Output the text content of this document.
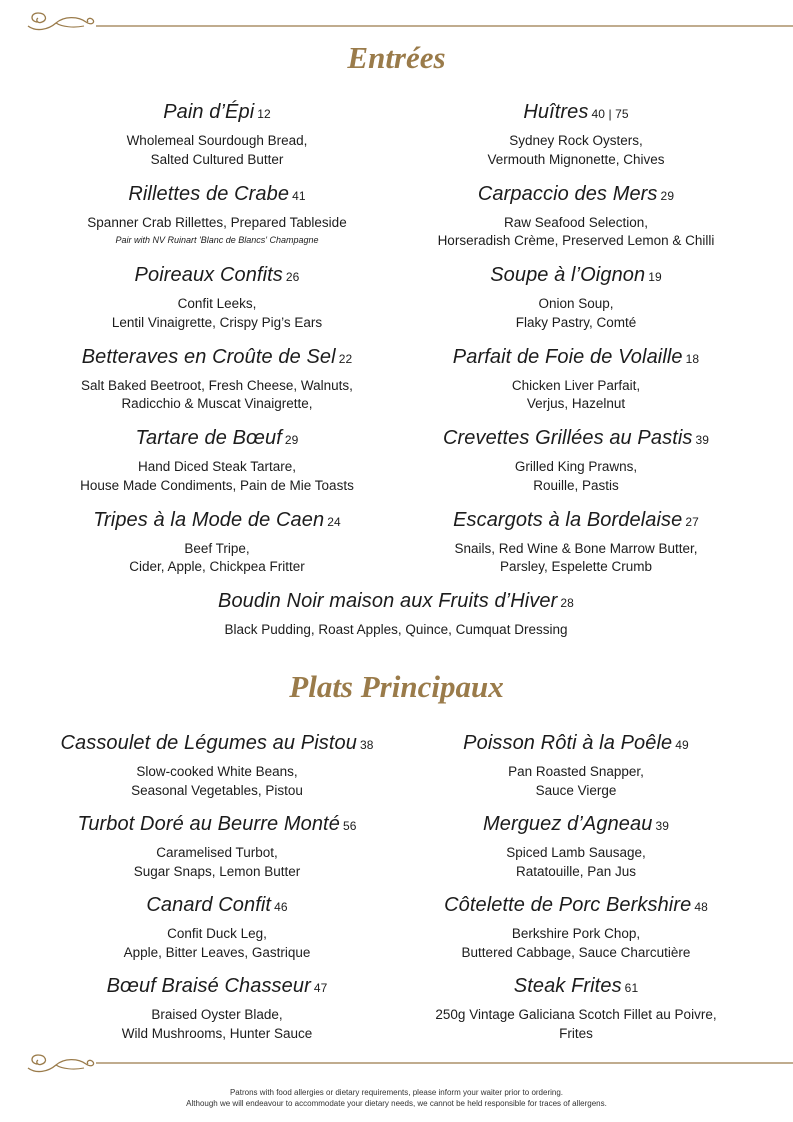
Entrées
Pain d’Épi 12
Wholemeal Sourdough Bread,
Salted Cultured Butter
Rillettes de Crabe 41
Spanner Crab Rillettes, Prepared Tableside
Pair with NV Ruinart 'Blanc de Blancs' Champagne
Poireaux Confits 26
Confit Leeks,
Lentil Vinaigrette, Crispy Pig’s Ears
Betteraves en Croûte de Sel 22
Salt Baked Beetroot, Fresh Cheese, Walnuts,
Radicchio & Muscat Vinaigrette,
Tartare de Bœuf 29
Hand Diced Steak Tartare,
House Made Condiments, Pain de Mie Toasts
Tripes à la Mode de Caen 24
Beef Tripe,
Cider, Apple, Chickpea Fritter
Huîtres 40 | 75
Sydney Rock Oysters,
Vermouth Mignonette, Chives
Carpaccio des Mers 29
Raw Seafood Selection,
Horseradish Crème, Preserved Lemon & Chilli
Soupe à l’Oignon 19
Onion Soup,
Flaky Pastry, Comté
Parfait de Foie de Volaille 18
Chicken Liver Parfait,
Verjus, Hazelnut
Crevettes Grillées au Pastis 39
Grilled King Prawns,
Rouille, Pastis
Escargots à la Bordelaise 27
Snails, Red Wine & Bone Marrow Butter,
Parsley, Espelette Crumb
Boudin Noir maison aux Fruits d’Hiver 28
Black Pudding, Roast Apples, Quince, Cumquat Dressing
Plats Principaux
Cassoulet de Légumes au Pistou 38
Slow-cooked White Beans,
Seasonal Vegetables, Pistou
Turbot Doré au Beurre Monté 56
Caramelised Turbot,
Sugar Snaps, Lemon Butter
Canard Confit 46
Confit Duck Leg,
Apple, Bitter Leaves, Gastrique
Bœuf Braisé Chasseur 47
Braised Oyster Blade,
Wild Mushrooms, Hunter Sauce
Poisson Rôti à la Poêle 49
Pan Roasted Snapper,
Sauce Vierge
Merguez d’Agneau 39
Spiced Lamb Sausage,
Ratatouille, Pan Jus
Côtelette de Porc Berkshire 48
Berkshire Pork Chop,
Buttered Cabbage, Sauce Charcutière
Steak Frites 61
250g Vintage Galiciana Scotch Fillet au Poivre,
Frites
Patrons with food allergies or dietary requirements, please inform your waiter prior to ordering.
Although we will endeavour to accommodate your dietary needs, we cannot be held responsible for traces of allergens.
